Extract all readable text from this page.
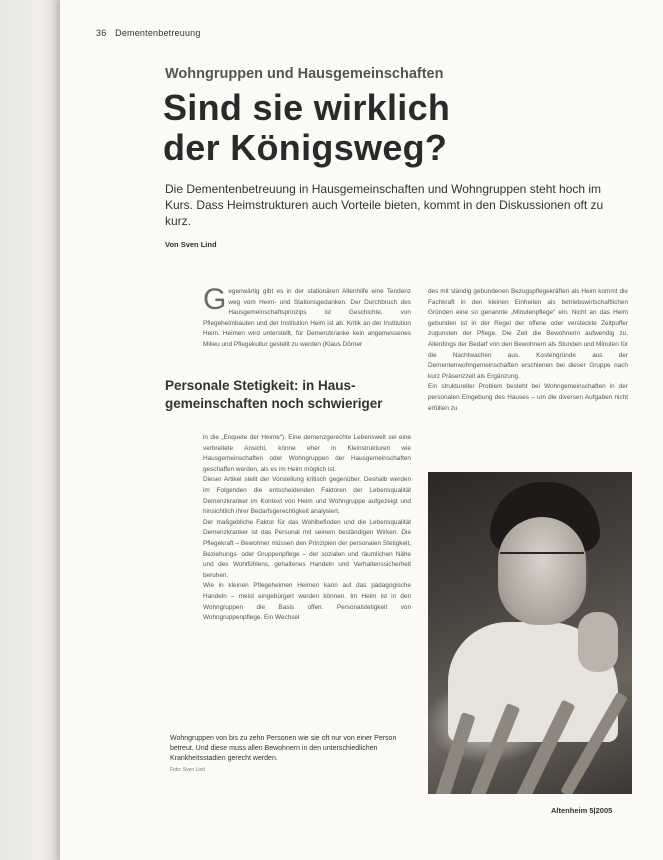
36 Dementenbetreuung
Wohngruppen und Hausgemeinschaften
Sind sie wirklich
der Königsweg?
Die Dementenbetreuung in Hausgemeinschaften und Wohngruppen steht hoch im Kurs. Dass Heimstrukturen auch Vorteile bieten, kommt in den Diskussionen oft zu kurz.
Von Sven Lind
G egenwärtig gibt es in der stationären Altenhilfe eine Tendenz weg vom Heim- und Stationsgedanken. Der Durchbruch des Hausgemeinschaftsprinzips ist Geschichte, von Pflegeheimbauten und der Institution Heim ist ab. Kritik an der Institution Heim. Heimen wird unterstellt, für Demenzkranke kein angemessenes Milieu und Pflegekultur gestellt zu werden (Klaus Dörner
Personale Stetigkeit: in Haus-
gemeinschaften noch schwieriger

in die „Enquete der Heime“). Eine demenzgerechte Lebenswelt sei eine verbreitete Ansicht, könne eher in Kleinstrukturen wie Hausgemeinschaften oder Wohngruppen der Hausgemeinschaften geschaffen werden, als es im Heim möglich ist.

Dieser Artikel stellt der Vorstellung kritisch gegenüber. Deshalb werden im Folgenden die entscheidenden Faktoren der Lebensqualität Demenzkranker im Kontext von Heim und Wohngruppe aufgezeigt und hinsichtlich ihrer Bedarfsgerechtigkeit analysiert.

Der maßgebliche Faktor für das Wohlbefinden und die Lebensqualität Demenzkranker ist das Personal mit seinem beständigen Wirken. Die Pflegekraft – Bewohner müssen den Prinzipien der personalen Stetigkeit, Beziehungs- oder Gruppenpflege – der sozialen und räumlichen Nähe und des Wohlfühlens, gehaltenes Handeln und Verhaltenssicherheit beruhen.

Wie in kleinen Pflegeheimen Heimen kann auf das pädagogische Handeln – meist eingebürgert werden können. Im Heim ist in den Wohngruppen die Basis offen. Personalstetigkeit von Wohngruppenpflege. Ein Wechsel

des mit ständig gebundenen Bezugspflegekräften als Heim kommt die Fachkraft in den kleinen Einheiten als betriebswirtschaftlichen Gründen eine so genannte „Minutenpflege“ ein. Nicht an das Heim gebunden ist in der Regel der offene oder versteckte Zeitpuffer zugunsten der Pflege. Die Zeit die Bewohnerin aufwendig zu. Allerdings der Bedarf von den Bewohnern als Stunden und Minuten für die Nachtwachen aus. Kostengründe aus der Dementenwohngemeinschaften erschienen bei dieser Gruppe nach kurz Präsenzzeit als Ergänzung.

Ein struktureller Problem besteht bei Wohngemeinschaften in der personalen Eingebung des Hauses – um die diversen Aufgaben nicht erfüllen zu

Wohngruppen von bis zu zehn Personen wie sie oft nur von einer Person betreut. Und diese muss allen Bewohnern in den unterschiedlichen Krankheitsstadien gerecht werden.
Foto: Sven Lind
Altenheim 5|2005
